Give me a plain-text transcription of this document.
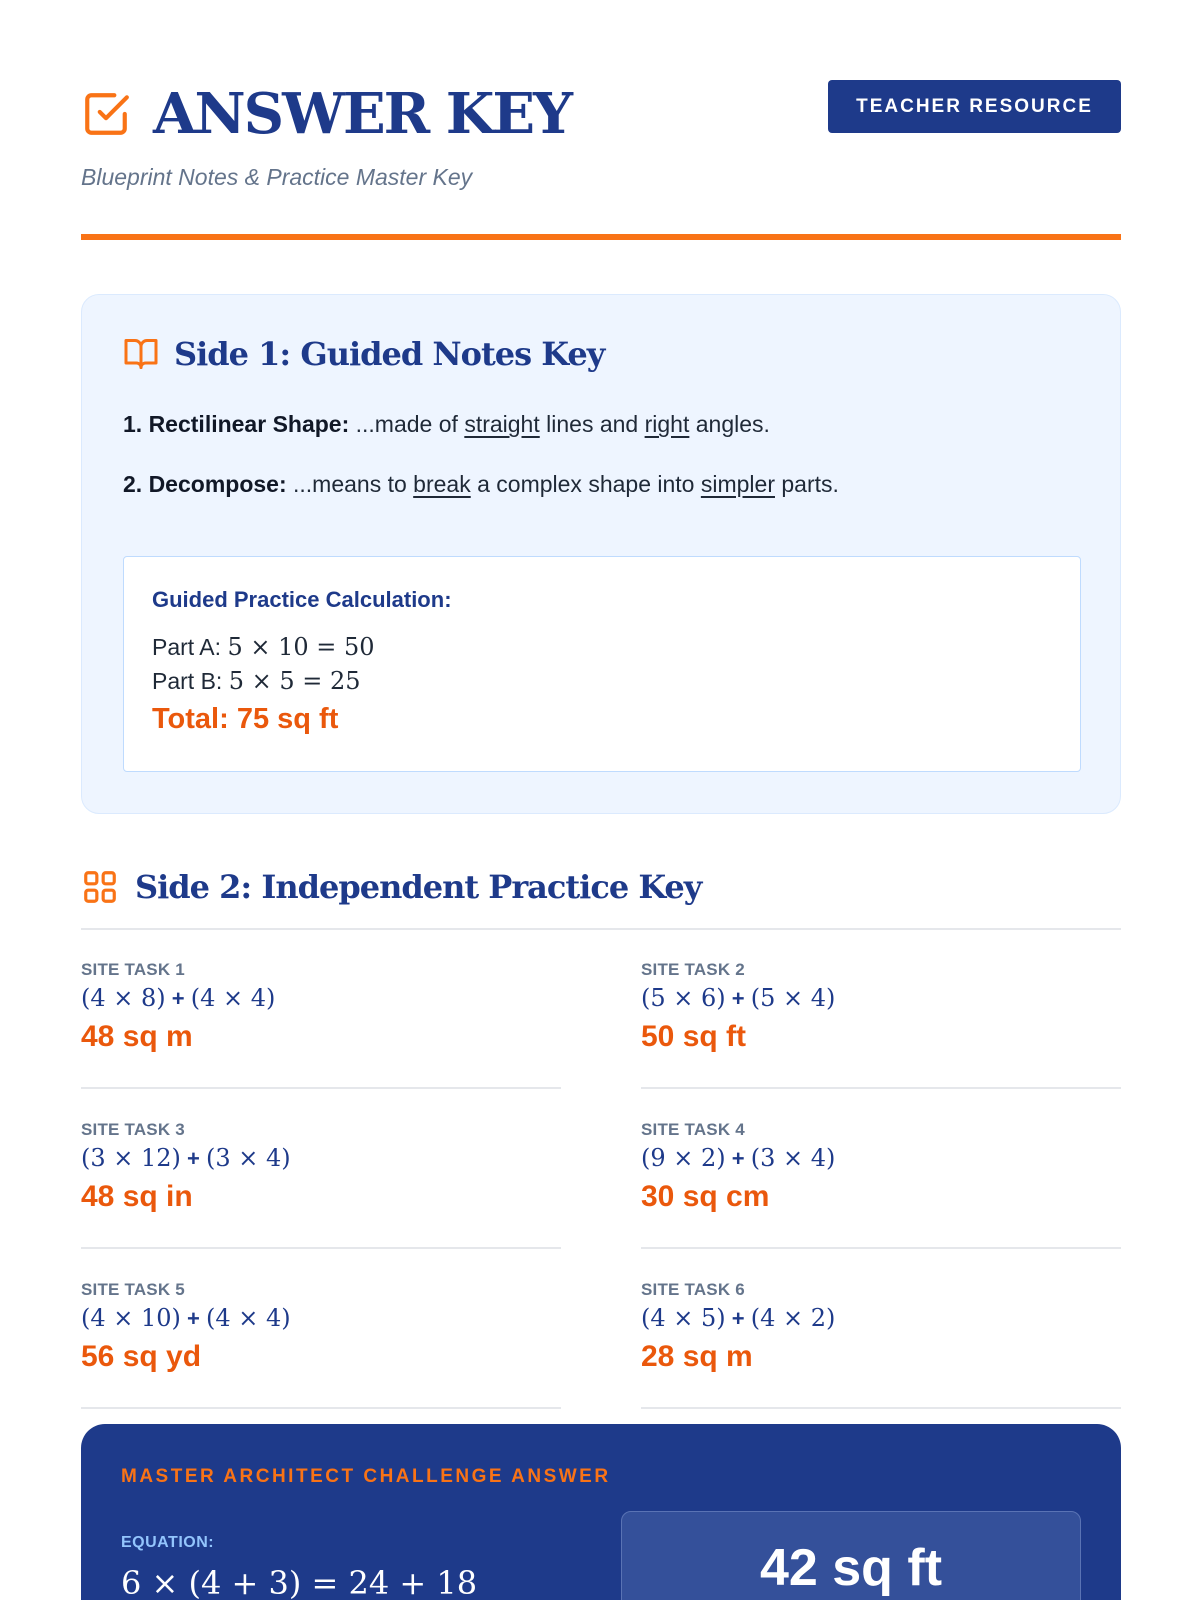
ANSWER KEY
Blueprint Notes & Practice Master Key
TEACHER RESOURCE
Side 1: Guided Notes Key
1. Rectilinear Shape: ...made of straight lines and right angles.
2. Decompose: ...means to break a complex shape into simpler parts.
Guided Practice Calculation:
Part A: 5 × 10 = 50
Part B: 5 × 5 = 25
Total: 75 sq ft
Side 2: Independent Practice Key
SITE TASK 1
(4 × 8) + (4 × 4)
48 sq m
SITE TASK 2
(5 × 6) + (5 × 4)
50 sq ft
SITE TASK 3
(3 × 12) + (3 × 4)
48 sq in
SITE TASK 4
(9 × 2) + (3 × 4)
30 sq cm
SITE TASK 5
(4 × 10) + (4 × 4)
56 sq yd
SITE TASK 6
(4 × 5) + (4 × 2)
28 sq m
MASTER ARCHITECT CHALLENGE ANSWER
EQUATION:
6 × (4 + 3) = 24 + 18	42 sq ft
